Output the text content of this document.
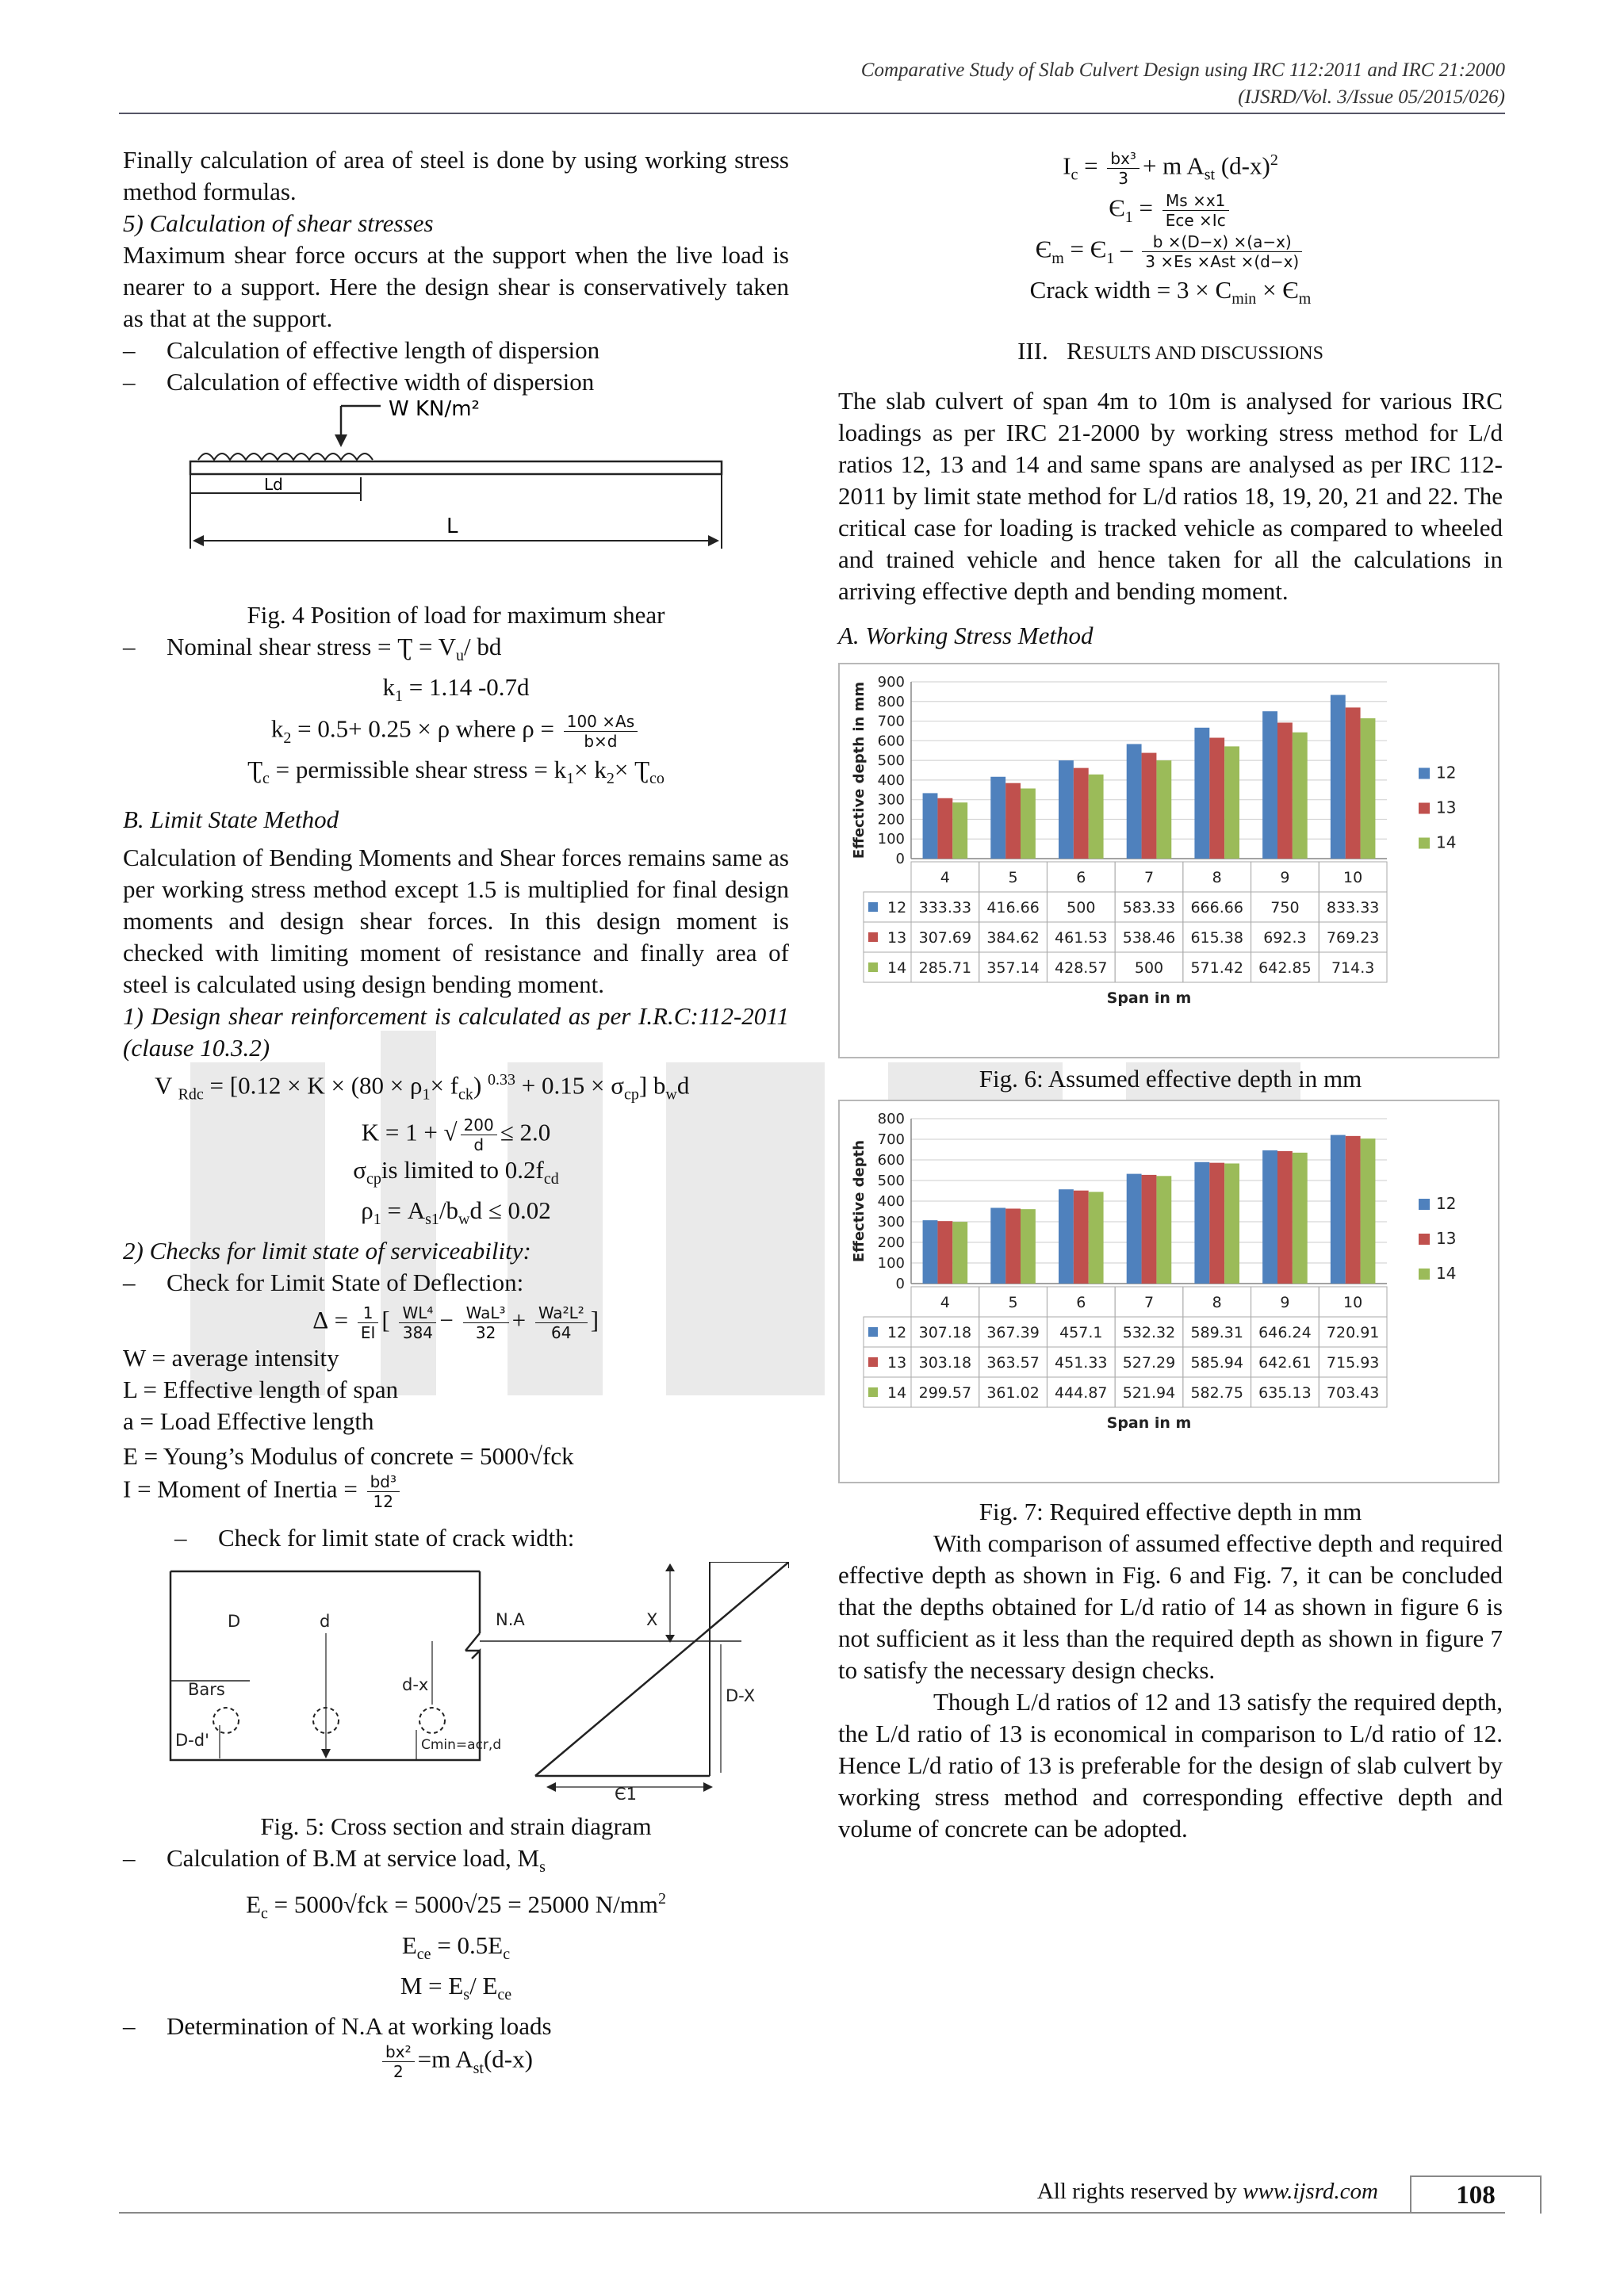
Comparative Study of Slab Culvert Design using IRC 112:2011 and IRC 21:2000
(IJSRD/Vol. 3/Issue 05/2015/026)

Finally calculation of area of steel is done by using working stress method formulas.

5) Calculation of shear stresses

Maximum shear force occurs at the support when the live load is nearer to a support. Here the design shear is conservatively taken as that at the support.

– Calculation of effective length of dispersion

– Calculation of effective width of dispersion

W KN/m²
Ld
L

Fig. 4 Position of load for maximum shear

– Nominal shear stress = Ʈ = $V_u/$ bd

$k_1 = 1.14$ -0.7d

$k_2 = 0.5+ 0.25 \times \rho$ where $\rho = \frac{100 \times As}{b\times d}$

$Ʈ_c$ = permissible shear stress = $k_1\times k_2\times$ $Ʈ_{co}$

B. Limit State Method

Calculation of Bending Moments and Shear forces remains same as per working stress method except 1.5 is multiplied for final design moments and design shear forces. In this design moment is checked with limiting moment of resistance and finally area of steel is calculated using design bending moment.

1) Design shear reinforcement is calculated as per I.R.C:112-2011 (clause 10.3.2)

V $_{Rdc} = [0.12 \times K \times (80 \times \rho_1\times f_{ck})$ $^{0.33} + 0.15 \times \sigma_{cp}$] $b_wd$

K = 1 + √ $\frac{200}{d} \le 2.0$

$\sigma_{cp}is$ limited to $0.2f_{cd}$

$\rho_1 = A_{s1}/b_wd \le 0.02$

2) Checks for limit state of serviceability:

– Check for Limit State of Deflection:

∆ = $\frac{1}{EI}$ [ $\frac{\text{WL⁴}}{384} - \frac{\text{WaL³}}{32} + \frac{\text{Wa²L²}}{64}$ ]

W = average intensity

L = Effective length of span

a = Load Effective length

E = Young’s Modulus of concrete = 5000√fck

I = Moment of Inertia = $\frac{\text{bd³}}{12}$

– Check for limit state of crack width:

D	d	N.A
Bars
D-d'
d-x
Cmin=acr,d
X
D-X
Є1

Fig. 5: Cross section and strain diagram

– Calculation of B.M at service load, $M_s$

$E_c = 5000√fck = 5000√25 = 25000$ $N/mm^2$

$E_{ce} = 0.5E_c$

$M = E_s/$ $E_{ce}$

– Determination of N.A at working loads

$\frac{\text{bx²}}{2} =m$ $A_{st}(d-x)$

$I_c = \frac{\text{bx³}}{3} + m$ $A_{st}$ $(d-x)^2$

$Є_1 = \frac{Ms \times x1}{\text{Ece ×Ic}}$

$Є_m = Є_1 - \frac{b \times(D-x) \times(a-x)}{\text{3 ×Es ×Ast ×(d−x)}}$

Crack width = $3 \times C_{min} \times Є_m$

III.   RESULTS AND DISCUSSIONS

The slab culvert of span 4m to 10m is analysed for various IRC loadings as per IRC 21-2000 by working stress method for L/d ratios 12, 13 and 14 and same spans are analysed as per IRC 112-2011 by limit state method for L/d ratios 18, 19, 20, 21 and 22. The critical case for loading is tracked vehicle as compared to wheeled and trained vehicle and hence taken for all the calculations in arriving effective depth and bending moment.

A. Working Stress Method

0
100
200
300
400
500
600
700
800
900
4	5	6	7	8	9	10
12 333.33 416.66 500 583.33 666.66 750 833.33
13 307.69 384.62 461.53 538.46 615.38 692.3 769.23
14 285.71 357.14 428.57 500 571.42 642.85 714.3
Effective depth in mm
Span in m
12
13
14

Fig. 6: Assumed effective depth in mm

0
100
200
300
400
500
600
700
800
4	5	6	7	8	9	10
12 307.18 367.39 457.1 532.32 589.31 646.24 720.91
13 303.18 363.57 451.33 527.29 585.94 642.61 715.93
14 299.57 361.02 444.87 521.94 582.75 635.13 703.43
Effective depth
Span in m
12
13
14

Fig. 7: Required effective depth in mm

With comparison of assumed effective depth and required effective depth as shown in Fig. 6 and Fig. 7, it can be concluded that the depths obtained for L/d ratio of 14 as shown in figure 6 is not sufficient as it less than the required depth as shown in figure 7 to satisfy the necessary design checks.

Though L/d ratios of 12 and 13 satisfy the required depth, the L/d ratio of 13 is economical in comparison to L/d ratio of 12. Hence L/d ratio of 13 is preferable for the design of slab culvert by working stress method and corresponding effective depth and volume of concrete can be adopted.

All rights reserved by www.ijsrd.com	108
